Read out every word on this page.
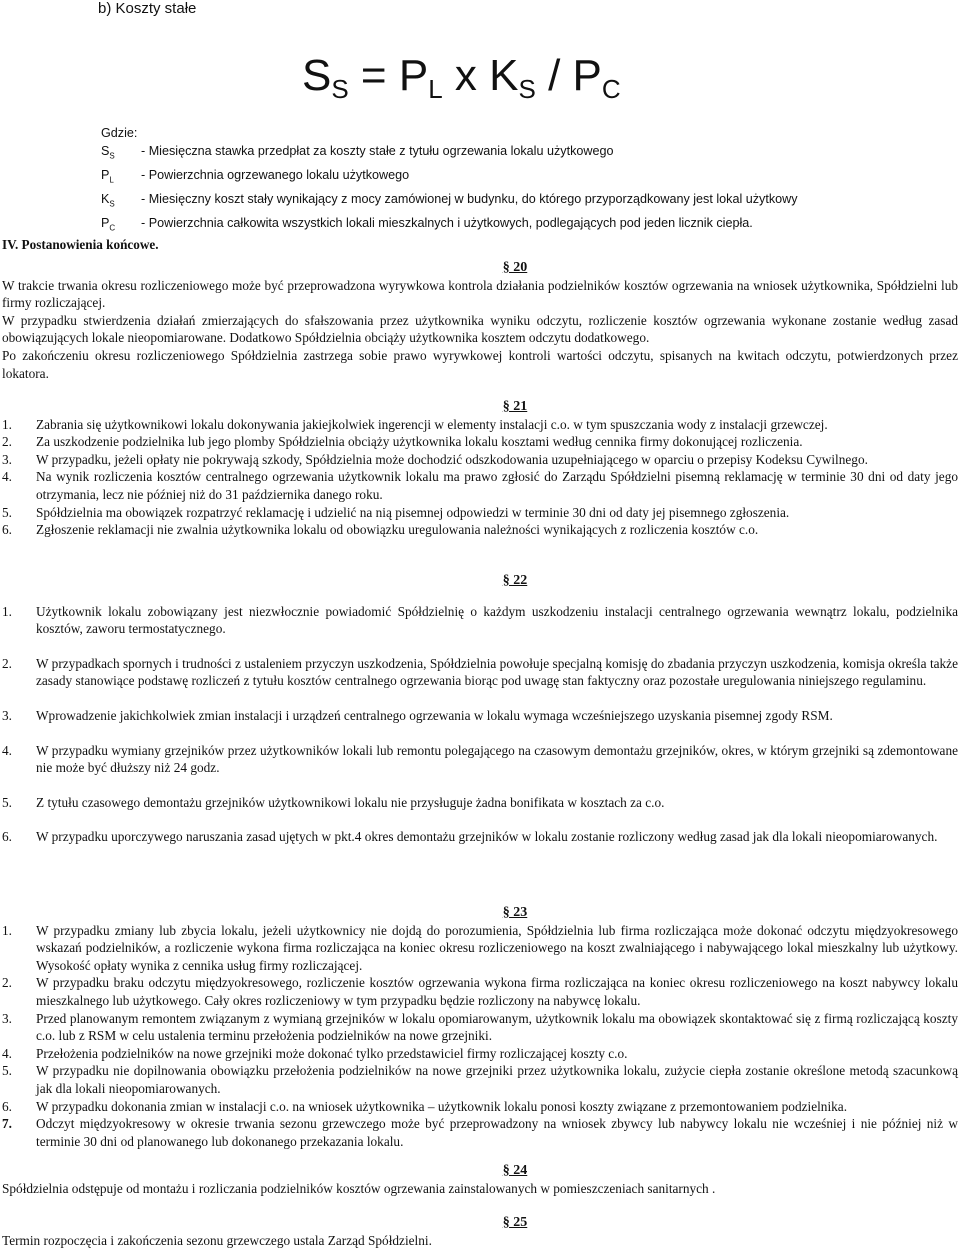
b) Koszty stałe
$S_S = P_L$ x $K_S / P_C$
Gdzie:
$S_S$	- Miesięczna stawka przedpłat za koszty stałe z tytułu ogrzewania lokalu użytkowego
$P_L$	- Powierzchnia ogrzewanego lokalu użytkowego
$K_S$	- Miesięczny koszt stały wynikający z mocy zamówionej w budynku, do którego przyporządkowany jest lokal użytkowy
$P_C$	- Powierzchnia całkowita wszystkich lokali mieszkalnych i użytkowych, podlegających pod jeden licznik ciepła.
IV. Postanowienia końcowe.
§ 20

W trakcie trwania okresu rozliczeniowego może być przeprowadzona wyrywkowa kontrola działania podzielników kosztów ogrzewania na wniosek użytkownika, Spółdzielni lub firmy rozliczającej.

W przypadku stwierdzenia działań zmierzających do sfałszowania przez użytkownika wyniku odczytu, rozliczenie kosztów ogrzewania wykonane zostanie według zasad obowiązujących lokale nieopomiarowane. Dodatkowo Spółdzielnia obciąży użytkownika kosztem odczytu dodatkowego.

Po zakończeniu okresu rozliczeniowego Spółdzielnia zastrzega sobie prawo wyrywkowej kontroli wartości odczytu, spisanych na kwitach odczytu, potwierdzonych przez lokatora.

§ 21
1.	Zabrania się użytkownikowi lokalu dokonywania jakiejkolwiek ingerencji w elementy instalacji c.o. w tym spuszczania wody z instalacji grzewczej.
2.	Za uszkodzenie podzielnika lub jego plomby Spółdzielnia obciąży użytkownika lokalu kosztami według cennika firmy dokonującej rozliczenia.
3.	W przypadku, jeżeli opłaty nie pokrywają szkody, Spółdzielnia może dochodzić odszkodowania uzupełniającego w oparciu o przepisy Kodeksu Cywilnego.
4.	Na wynik rozliczenia kosztów centralnego ogrzewania użytkownik lokalu ma prawo zgłosić do Zarządu Spółdzielni pisemną reklamację w terminie 30 dni od daty jego otrzymania, lecz nie później niż do 31 października danego roku.
5.	Spółdzielnia ma obowiązek rozpatrzyć reklamację i udzielić na nią pisemnej odpowiedzi w terminie 30 dni od daty jej pisemnego zgłoszenia.
6.	Zgłoszenie reklamacji nie zwalnia użytkownika lokalu od obowiązku uregulowania należności wynikających z rozliczenia kosztów c.o.
§ 22
1.	Użytkownik lokalu zobowiązany jest niezwłocznie powiadomić Spółdzielnię o każdym uszkodzeniu instalacji centralnego ogrzewania wewnątrz lokalu, podzielnika kosztów, zaworu termostatycznego.
2.	W przypadkach spornych i trudności z ustaleniem przyczyn uszkodzenia, Spółdzielnia powołuje specjalną komisję do zbadania przyczyn uszkodzenia, komisja określa także zasady stanowiące podstawę rozliczeń z tytułu kosztów centralnego ogrzewania biorąc pod uwagę stan faktyczny oraz pozostałe uregulowania niniejszego regulaminu.
3.	Wprowadzenie jakichkolwiek zmian instalacji i urządzeń centralnego ogrzewania w lokalu wymaga wcześniejszego uzyskania pisemnej zgody RSM.
4.	W przypadku wymiany grzejników przez użytkowników lokali lub remontu polegającego na czasowym demontażu grzejników, okres, w którym grzejniki są zdemontowane nie może być dłuższy niż 24 godz.
5.	Z tytułu czasowego demontażu grzejników użytkownikowi lokalu nie przysługuje żadna bonifikata w kosztach za c.o.
6.	W przypadku uporczywego naruszania zasad ujętych w pkt.4 okres demontażu grzejników w lokalu zostanie rozliczony według zasad jak dla lokali nieopomiarowanych.
§ 23
1.	W przypadku zmiany lub zbycia lokalu, jeżeli użytkownicy nie dojdą do porozumienia, Spółdzielnia lub firma rozliczająca może dokonać odczytu międzyokresowego wskazań podzielników, a rozliczenie wykona firma rozliczająca na koniec okresu rozliczeniowego na koszt zwalniającego i nabywającego lokal mieszkalny lub użytkowy. Wysokość opłaty wynika z cennika usług firmy rozliczającej.
2.	W przypadku braku odczytu międzyokresowego, rozliczenie kosztów ogrzewania wykona firma rozliczająca na koniec okresu rozliczeniowego na koszt nabywcy lokalu mieszkalnego lub użytkowego. Cały okres rozliczeniowy w tym przypadku będzie rozliczony na nabywcę lokalu.
3.	Przed planowanym remontem związanym z wymianą grzejników w lokalu opomiarowanym, użytkownik lokalu ma obowiązek skontaktować się z firmą rozliczającą koszty c.o. lub z RSM w celu ustalenia terminu przełożenia podzielników na nowe grzejniki.
4.	Przełożenia podzielników na nowe grzejniki może dokonać tylko przedstawiciel firmy rozliczającej koszty c.o.
5.	W przypadku nie dopilnowania obowiązku przełożenia podzielników na nowe grzejniki przez użytkownika lokalu, zużycie ciepła zostanie określone metodą szacunkową jak dla lokali nieopomiarowanych.
6.	W przypadku dokonania zmian w instalacji c.o. na wniosek użytkownika – użytkownik lokalu ponosi koszty związane z przemontowaniem podzielnika.
7.	Odczyt międzyokresowy w okresie trwania sezonu grzewczego może być przeprowadzony na wniosek zbywcy lub nabywcy lokalu nie wcześniej i nie później niż w terminie 30 dni od planowanego lub dokonanego przekazania lokalu.
§ 24

Spółdzielnia odstępuje od montażu i rozliczania podzielników kosztów ogrzewania zainstalowanych w pomieszczeniach sanitarnych .

§ 25

Termin rozpoczęcia i zakończenia sezonu grzewczego ustala Zarząd Spółdzielni.
